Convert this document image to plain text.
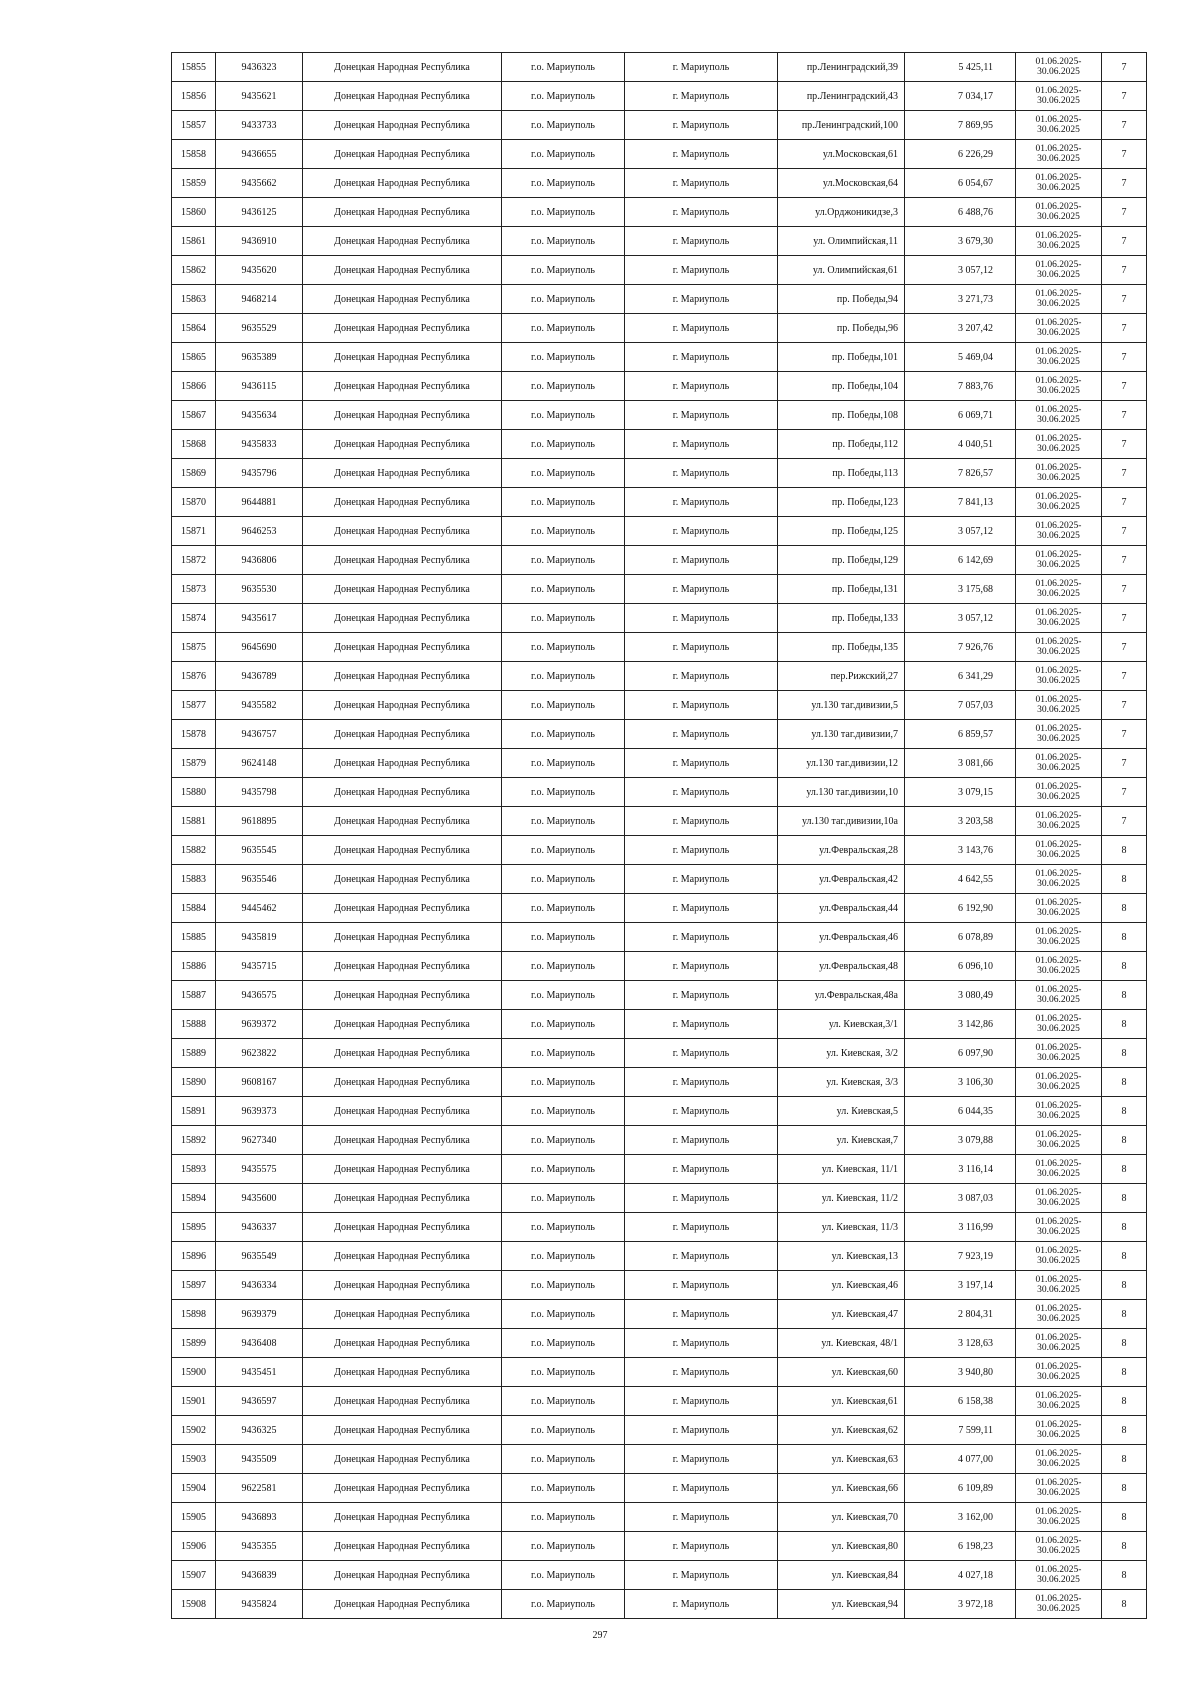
15855	9436323	Донецкая Народная Республика	г.о. Мариуполь	г. Мариуполь	пр.Ленинградский,39	5 425,11	01.06.2025-30.06.2025	7
15856	9435621	Донецкая Народная Республика	г.о. Мариуполь	г. Мариуполь	пр.Ленинградский,43	7 034,17	01.06.2025-30.06.2025	7
15857	9433733	Донецкая Народная Республика	г.о. Мариуполь	г. Мариуполь	пр.Ленинградский,100	7 869,95	01.06.2025-30.06.2025	7
15858	9436655	Донецкая Народная Республика	г.о. Мариуполь	г. Мариуполь	ул.Московская,61	6 226,29	01.06.2025-30.06.2025	7
15859	9435662	Донецкая Народная Республика	г.о. Мариуполь	г. Мариуполь	ул.Московская,64	6 054,67	01.06.2025-30.06.2025	7
15860	9436125	Донецкая Народная Республика	г.о. Мариуполь	г. Мариуполь	ул.Орджоникидзе,3	6 488,76	01.06.2025-30.06.2025	7
15861	9436910	Донецкая Народная Республика	г.о. Мариуполь	г. Мариуполь	ул. Олимпийская,11	3 679,30	01.06.2025-30.06.2025	7
15862	9435620	Донецкая Народная Республика	г.о. Мариуполь	г. Мариуполь	ул. Олимпийская,61	3 057,12	01.06.2025-30.06.2025	7
15863	9468214	Донецкая Народная Республика	г.о. Мариуполь	г. Мариуполь	пр. Победы,94	3 271,73	01.06.2025-30.06.2025	7
15864	9635529	Донецкая Народная Республика	г.о. Мариуполь	г. Мариуполь	пр. Победы,96	3 207,42	01.06.2025-30.06.2025	7
15865	9635389	Донецкая Народная Республика	г.о. Мариуполь	г. Мариуполь	пр. Победы,101	5 469,04	01.06.2025-30.06.2025	7
15866	9436115	Донецкая Народная Республика	г.о. Мариуполь	г. Мариуполь	пр. Победы,104	7 883,76	01.06.2025-30.06.2025	7
15867	9435634	Донецкая Народная Республика	г.о. Мариуполь	г. Мариуполь	пр. Победы,108	6 069,71	01.06.2025-30.06.2025	7
15868	9435833	Донецкая Народная Республика	г.о. Мариуполь	г. Мариуполь	пр. Победы,112	4 040,51	01.06.2025-30.06.2025	7
15869	9435796	Донецкая Народная Республика	г.о. Мариуполь	г. Мариуполь	пр. Победы,113	7 826,57	01.06.2025-30.06.2025	7
15870	9644881	Донецкая Народная Республика	г.о. Мариуполь	г. Мариуполь	пр. Победы,123	7 841,13	01.06.2025-30.06.2025	7
15871	9646253	Донецкая Народная Республика	г.о. Мариуполь	г. Мариуполь	пр. Победы,125	3 057,12	01.06.2025-30.06.2025	7
15872	9436806	Донецкая Народная Республика	г.о. Мариуполь	г. Мариуполь	пр. Победы,129	6 142,69	01.06.2025-30.06.2025	7
15873	9635530	Донецкая Народная Республика	г.о. Мариуполь	г. Мариуполь	пр. Победы,131	3 175,68	01.06.2025-30.06.2025	7
15874	9435617	Донецкая Народная Республика	г.о. Мариуполь	г. Мариуполь	пр. Победы,133	3 057,12	01.06.2025-30.06.2025	7
15875	9645690	Донецкая Народная Республика	г.о. Мариуполь	г. Мариуполь	пр. Победы,135	7 926,76	01.06.2025-30.06.2025	7
15876	9436789	Донецкая Народная Республика	г.о. Мариуполь	г. Мариуполь	пер.Рижский,27	6 341,29	01.06.2025-30.06.2025	7
15877	9435582	Донецкая Народная Республика	г.о. Мариуполь	г. Мариуполь	ул.130 таг.дивизии,5	7 057,03	01.06.2025-30.06.2025	7
15878	9436757	Донецкая Народная Республика	г.о. Мариуполь	г. Мариуполь	ул.130 таг.дивизии,7	6 859,57	01.06.2025-30.06.2025	7
15879	9624148	Донецкая Народная Республика	г.о. Мариуполь	г. Мариуполь	ул.130 таг.дивизии,12	3 081,66	01.06.2025-30.06.2025	7
15880	9435798	Донецкая Народная Республика	г.о. Мариуполь	г. Мариуполь	ул.130 таг.дивизии,10	3 079,15	01.06.2025-30.06.2025	7
15881	9618895	Донецкая Народная Республика	г.о. Мариуполь	г. Мариуполь	ул.130 таг.дивизии,10а	3 203,58	01.06.2025-30.06.2025	7
15882	9635545	Донецкая Народная Республика	г.о. Мариуполь	г. Мариуполь	ул.Февральская,28	3 143,76	01.06.2025-30.06.2025	8
15883	9635546	Донецкая Народная Республика	г.о. Мариуполь	г. Мариуполь	ул.Февральская,42	4 642,55	01.06.2025-30.06.2025	8
15884	9445462	Донецкая Народная Республика	г.о. Мариуполь	г. Мариуполь	ул.Февральская,44	6 192,90	01.06.2025-30.06.2025	8
15885	9435819	Донецкая Народная Республика	г.о. Мариуполь	г. Мариуполь	ул.Февральская,46	6 078,89	01.06.2025-30.06.2025	8
15886	9435715	Донецкая Народная Республика	г.о. Мариуполь	г. Мариуполь	ул.Февральская,48	6 096,10	01.06.2025-30.06.2025	8
15887	9436575	Донецкая Народная Республика	г.о. Мариуполь	г. Мариуполь	ул.Февральская,48а	3 080,49	01.06.2025-30.06.2025	8
15888	9639372	Донецкая Народная Республика	г.о. Мариуполь	г. Мариуполь	ул. Киевская,3/1	3 142,86	01.06.2025-30.06.2025	8
15889	9623822	Донецкая Народная Республика	г.о. Мариуполь	г. Мариуполь	ул. Киевская, 3/2	6 097,90	01.06.2025-30.06.2025	8
15890	9608167	Донецкая Народная Республика	г.о. Мариуполь	г. Мариуполь	ул. Киевская, 3/3	3 106,30	01.06.2025-30.06.2025	8
15891	9639373	Донецкая Народная Республика	г.о. Мариуполь	г. Мариуполь	ул. Киевская,5	6 044,35	01.06.2025-30.06.2025	8
15892	9627340	Донецкая Народная Республика	г.о. Мариуполь	г. Мариуполь	ул. Киевская,7	3 079,88	01.06.2025-30.06.2025	8
15893	9435575	Донецкая Народная Республика	г.о. Мариуполь	г. Мариуполь	ул. Киевская, 11/1	3 116,14	01.06.2025-30.06.2025	8
15894	9435600	Донецкая Народная Республика	г.о. Мариуполь	г. Мариуполь	ул. Киевская, 11/2	3 087,03	01.06.2025-30.06.2025	8
15895	9436337	Донецкая Народная Республика	г.о. Мариуполь	г. Мариуполь	ул. Киевская, 11/3	3 116,99	01.06.2025-30.06.2025	8
15896	9635549	Донецкая Народная Республика	г.о. Мариуполь	г. Мариуполь	ул. Киевская,13	7 923,19	01.06.2025-30.06.2025	8
15897	9436334	Донецкая Народная Республика	г.о. Мариуполь	г. Мариуполь	ул. Киевская,46	3 197,14	01.06.2025-30.06.2025	8
15898	9639379	Донецкая Народная Республика	г.о. Мариуполь	г. Мариуполь	ул. Киевская,47	2 804,31	01.06.2025-30.06.2025	8
15899	9436408	Донецкая Народная Республика	г.о. Мариуполь	г. Мариуполь	ул. Киевская, 48/1	3 128,63	01.06.2025-30.06.2025	8
15900	9435451	Донецкая Народная Республика	г.о. Мариуполь	г. Мариуполь	ул. Киевская,60	3 940,80	01.06.2025-30.06.2025	8
15901	9436597	Донецкая Народная Республика	г.о. Мариуполь	г. Мариуполь	ул. Киевская,61	6 158,38	01.06.2025-30.06.2025	8
15902	9436325	Донецкая Народная Республика	г.о. Мариуполь	г. Мариуполь	ул. Киевская,62	7 599,11	01.06.2025-30.06.2025	8
15903	9435509	Донецкая Народная Республика	г.о. Мариуполь	г. Мариуполь	ул. Киевская,63	4 077,00	01.06.2025-30.06.2025	8
15904	9622581	Донецкая Народная Республика	г.о. Мариуполь	г. Мариуполь	ул. Киевская,66	6 109,89	01.06.2025-30.06.2025	8
15905	9436893	Донецкая Народная Республика	г.о. Мариуполь	г. Мариуполь	ул. Киевская,70	3 162,00	01.06.2025-30.06.2025	8
15906	9435355	Донецкая Народная Республика	г.о. Мариуполь	г. Мариуполь	ул. Киевская,80	6 198,23	01.06.2025-30.06.2025	8
15907	9436839	Донецкая Народная Республика	г.о. Мариуполь	г. Мариуполь	ул. Киевская,84	4 027,18	01.06.2025-30.06.2025	8
15908	9435824	Донецкая Народная Республика	г.о. Мариуполь	г. Мариуполь	ул. Киевская,94	3 972,18	01.06.2025-30.06.2025	8
297
